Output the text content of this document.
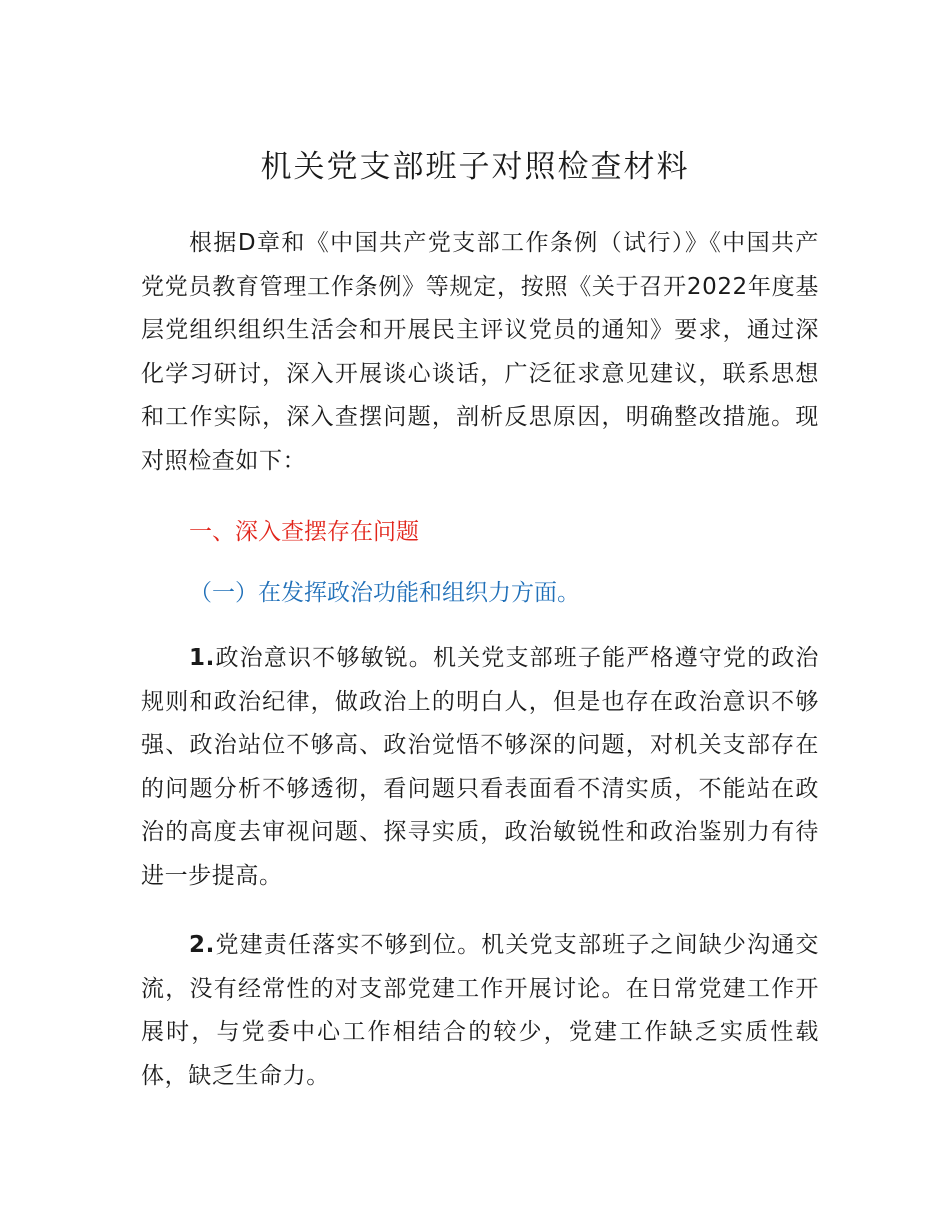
机关党支部班子对照检查材料

根据D章和《中国共产党支部工作条例（试行）》《中国共产党党员教育管理工作条例》等规定，按照《关于召开2022年度基层党组织组织生活会和开展民主评议党员的通知》要求，通过深化学习研讨，深入开展谈心谈话，广泛征求意见建议，联系思想和工作实际，深入查摆问题，剖析反思原因，明确整改措施。现对照检查如下：

一、深入查摆存在问题

（一）在发挥政治功能和组织力方面。

1.政治意识不够敏锐。机关党支部班子能严格遵守党的政治规则和政治纪律，做政治上的明白人，但是也存在政治意识不够强、政治站位不够高、政治觉悟不够深的问题，对机关支部存在的问题分析不够透彻，看问题只看表面看不清实质，不能站在政治的高度去审视问题、探寻实质，政治敏锐性和政治鉴别力有待进一步提高。

2.党建责任落实不够到位。机关党支部班子之间缺少沟通交流，没有经常性的对支部党建工作开展讨论。在日常党建工作开展时，与党委中心工作相结合的较少，党建工作缺乏实质性载体，缺乏生命力。
